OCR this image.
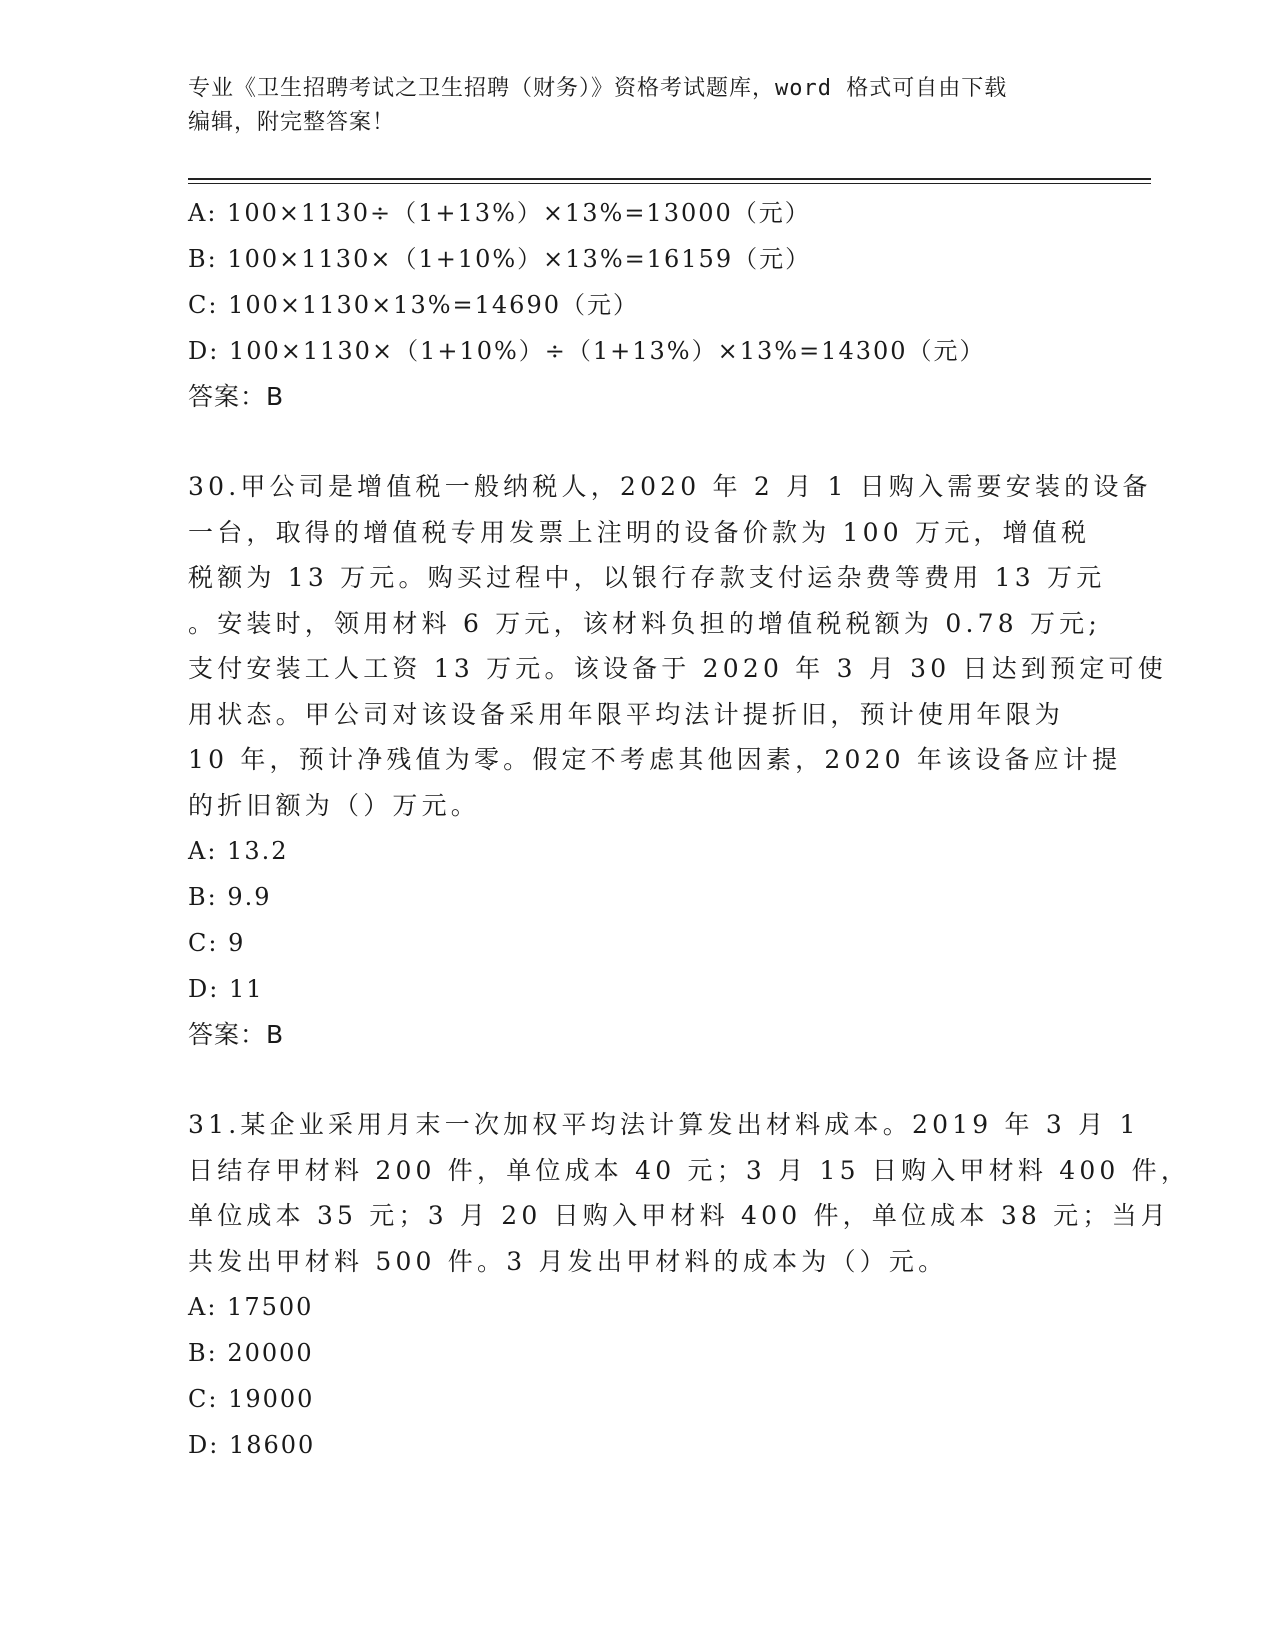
专业《卫生招聘考试之卫生招聘（财务）》资格考试题库，word 格式可自由下载
编辑，附完整答案！
A: 100×1130÷（1+13%）×13%=13000（元）
B: 100×1130×（1+10%）×13%=16159（元）
C: 100×1130×13%=14690（元）
D: 100×1130×（1+10%）÷（1+13%）×13%=14300（元）
答案：B
30.甲公司是增值税一般纳税人，2020 年 2 月 1 日购入需要安装的设备
一台，取得的增值税专用发票上注明的设备价款为 100 万元，增值税
税额为 13 万元。购买过程中，以银行存款支付运杂费等费用 13 万元
。安装时，领用材料 6 万元，该材料负担的增值税税额为 0.78 万元;
支付安装工人工资 13 万元。该设备于 2020 年 3 月 30 日达到预定可使
用状态。甲公司对该设备采用年限平均法计提折旧，预计使用年限为
10 年，预计净残值为零。假定不考虑其他因素，2020 年该设备应计提
的折旧额为（）万元。
A: 13.2
B: 9.9
C: 9
D: 11
答案：B
31.某企业采用月末一次加权平均法计算发出材料成本。2019 年 3 月 1
日结存甲材料 200 件，单位成本 40 元；3 月 15 日购入甲材料 400 件，
单位成本 35 元；3 月 20 日购入甲材料 400 件，单位成本 38 元；当月
共发出甲材料 500 件。3 月发出甲材料的成本为（）元。
A: 17500
B: 20000
C: 19000
D: 18600
